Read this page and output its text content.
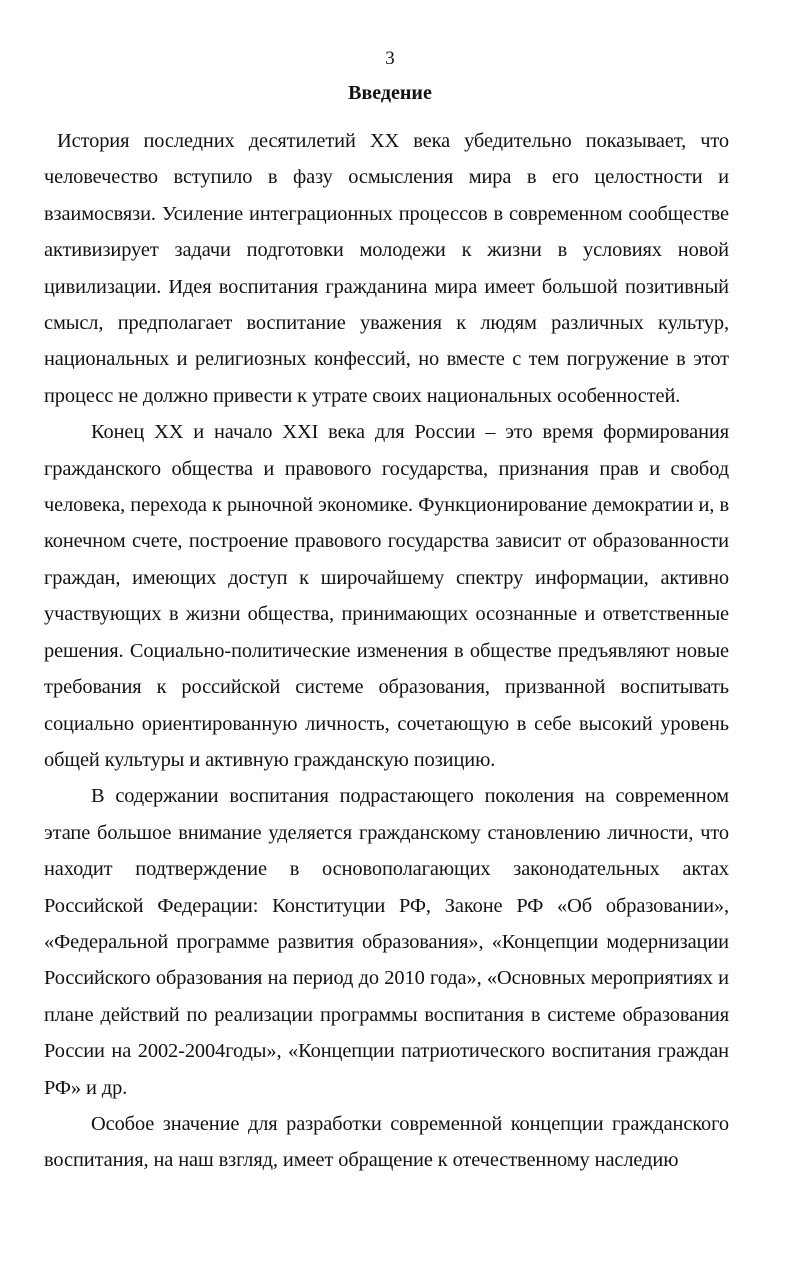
3
Введение

История последних десятилетий XX века убедительно показывает, что человечество вступило в фазу осмысления мира в его целостности и взаимосвязи. Усиление интеграционных процессов в современном сообществе активизирует задачи подготовки молодежи к жизни в условиях новой цивилизации. Идея воспитания гражданина мира имеет большой позитивный смысл, предполагает воспитание уважения к людям различных культур, национальных и религиозных конфессий, но вместе с тем погружение в этот процесс не должно привести к утрате своих национальных особенностей.

Конец XX и начало XXI века для России – это время формирования гражданского общества и правового государства, признания прав и свобод человека, перехода к рыночной экономике. Функционирование демократии и, в конечном счете, построение правового государства зависит от образованности граждан, имеющих доступ к широчайшему спектру информации, активно участвующих в жизни общества, принимающих осознанные и ответственные решения. Социально-политические изменения в обществе предъявляют новые требования к российской системе образования, призванной воспитывать социально ориентированную личность, сочетающую в себе высокий уровень общей культуры и активную гражданскую позицию.

В содержании воспитания подрастающего поколения на современном этапе большое внимание уделяется гражданскому становлению личности, что находит подтверждение в основополагающих законодательных актах Российской Федерации: Конституции РФ, Законе РФ «Об образовании», «Федеральной программе развития образования», «Концепции модернизации Российского образования на период до 2010 года», «Основных мероприятиях и плане действий по реализации программы воспитания в системе образования России на 2002-2004годы», «Концепции патриотического воспитания граждан РФ» и др.

Особое значение для разработки современной концепции гражданского воспитания, на наш взгляд, имеет обращение к отечественному наследию
